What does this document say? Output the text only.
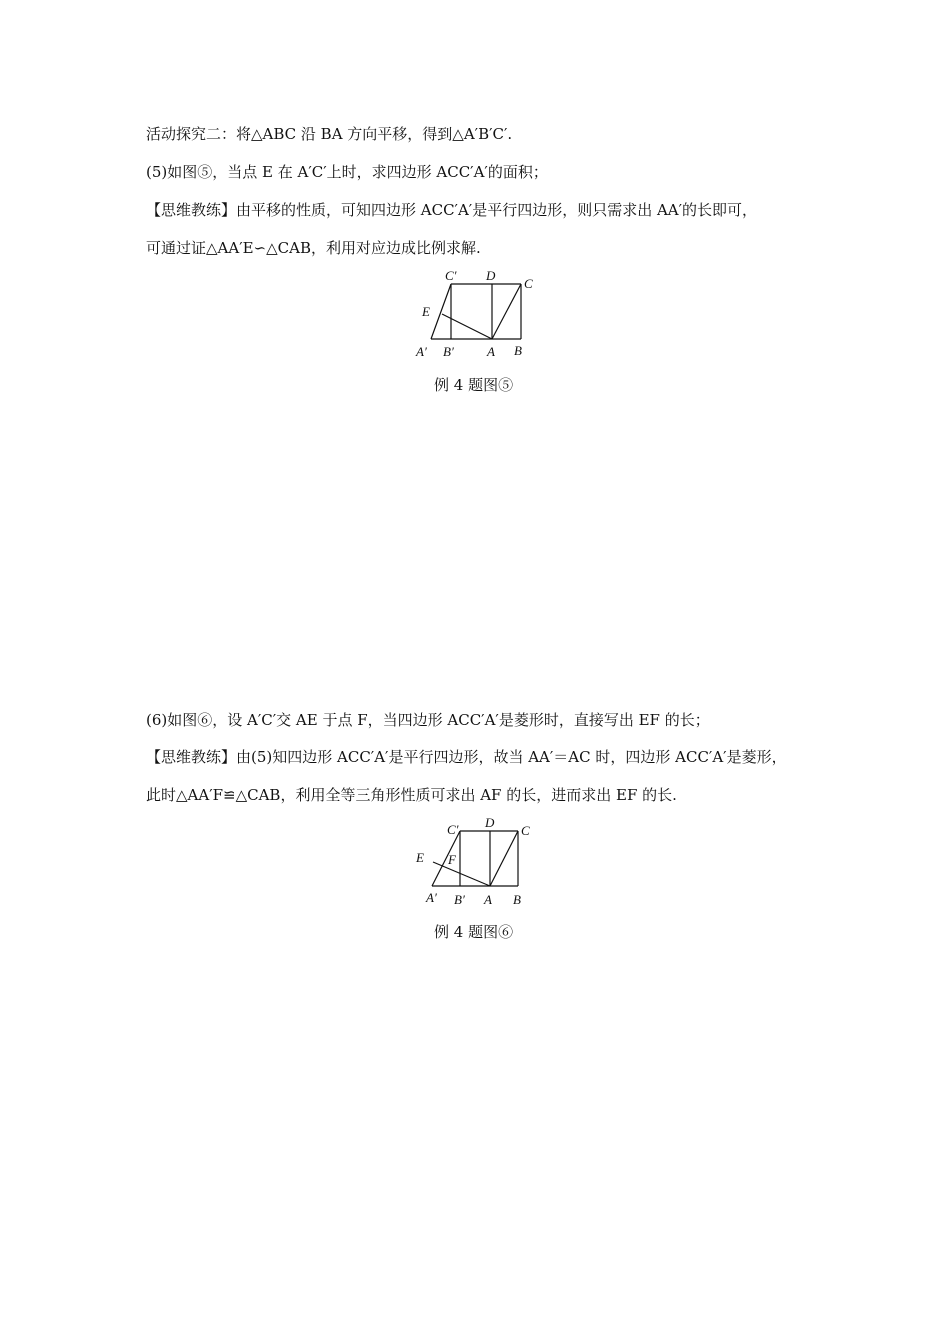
活动探究二：将△ABC 沿 BA 方向平移，得到△A′B′C′.
(5)如图⑤，当点 E 在 A′C′上时，求四边形 ACC′A′的面积；
【思维教练】由平移的性质，可知四边形 ACC′A′是平行四边形，则只需求出 AA′的长即可，
可通过证△AA′E∽△CAB，利用对应边成比例求解.
C′ D
C
E
A′ B′	A B
例 4 题图⑤
(6)如图⑥，设 A′C′交 AE 于点 F，当四边形 ACC′A′是菱形时，直接写出 EF 的长；
【思维教练】由(5)知四边形 ACC′A′是平行四边形，故当 AA′＝AC 时，四边形 ACC′A′是菱形，
此时△AA′F≌△CAB，利用全等三角形性质可求出 AF 的长，进而求出 EF 的长.
C′ D
C
E F
A′ B′ A B
例 4 题图⑥
